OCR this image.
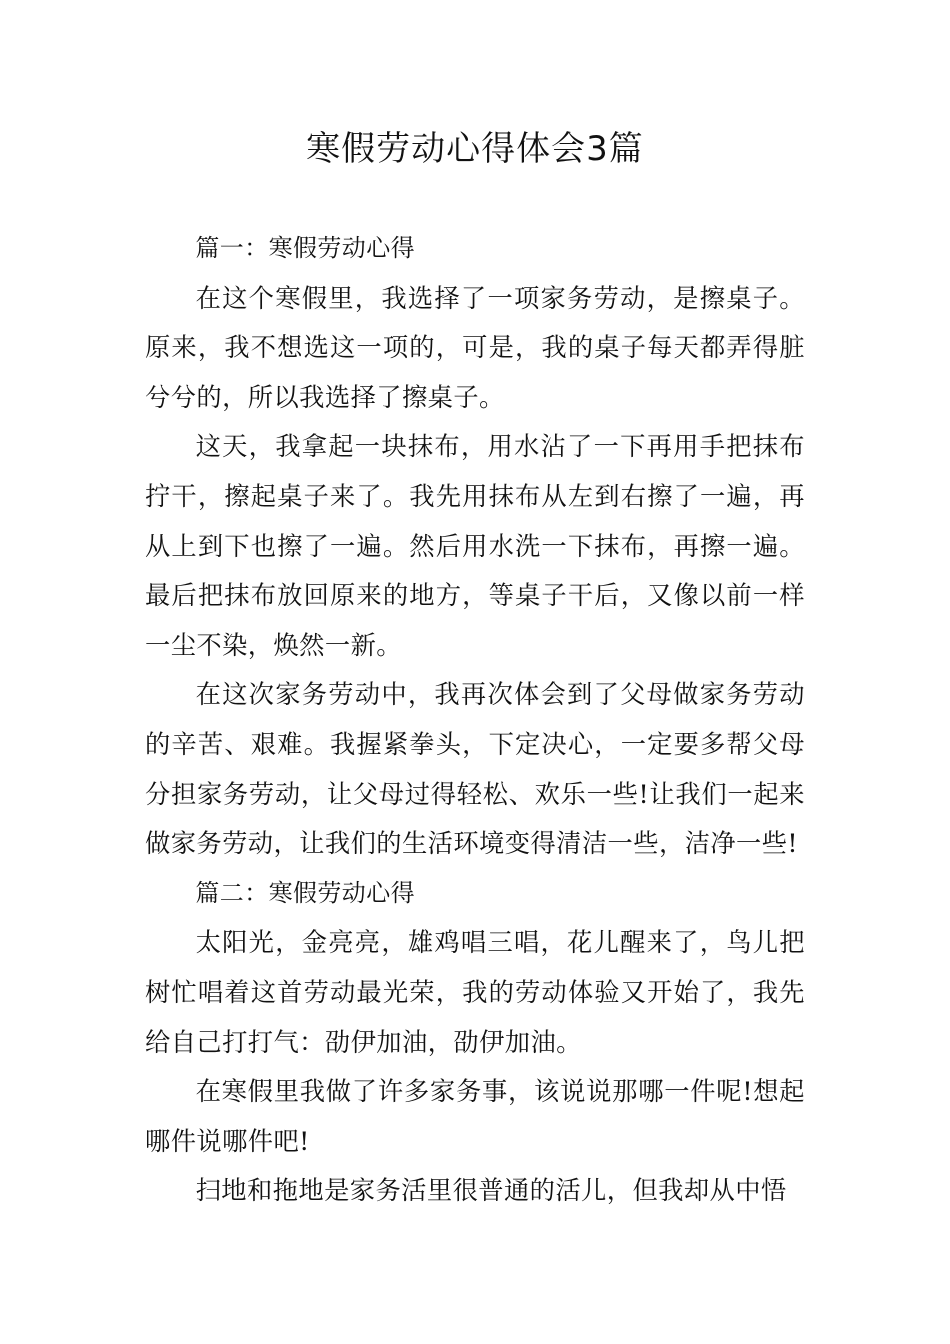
寒假劳动心得体会3篇

篇一：寒假劳动心得

在这个寒假里，我选择了一项家务劳动，是擦桌子。原来，我不想选这一项的，可是，我的桌子每天都弄得脏兮兮的，所以我选择了擦桌子。

这天，我拿起一块抹布，用水沾了一下再用手把抹布拧干，擦起桌子来了。我先用抹布从左到右擦了一遍，再从上到下也擦了一遍。然后用水洗一下抹布，再擦一遍。最后把抹布放回原来的地方，等桌子干后，又像以前一样一尘不染，焕然一新。

在这次家务劳动中，我再次体会到了父母做家务劳动的辛苦、艰难。我握紧拳头，下定决心，一定要多帮父母分担家务劳动，让父母过得轻松、欢乐一些!让我们一起来做家务劳动，让我们的生活环境变得清洁一些，洁净一些!

篇二：寒假劳动心得

太阳光，金亮亮，雄鸡唱三唱，花儿醒来了，鸟儿把树忙唱着这首劳动最光荣，我的劳动体验又开始了，我先给自己打打气：劭伊加油，劭伊加油。

在寒假里我做了许多家务事，该说说那哪一件呢!想起哪件说哪件吧!

扫地和拖地是家务活里很普通的活儿，但我却从中悟
